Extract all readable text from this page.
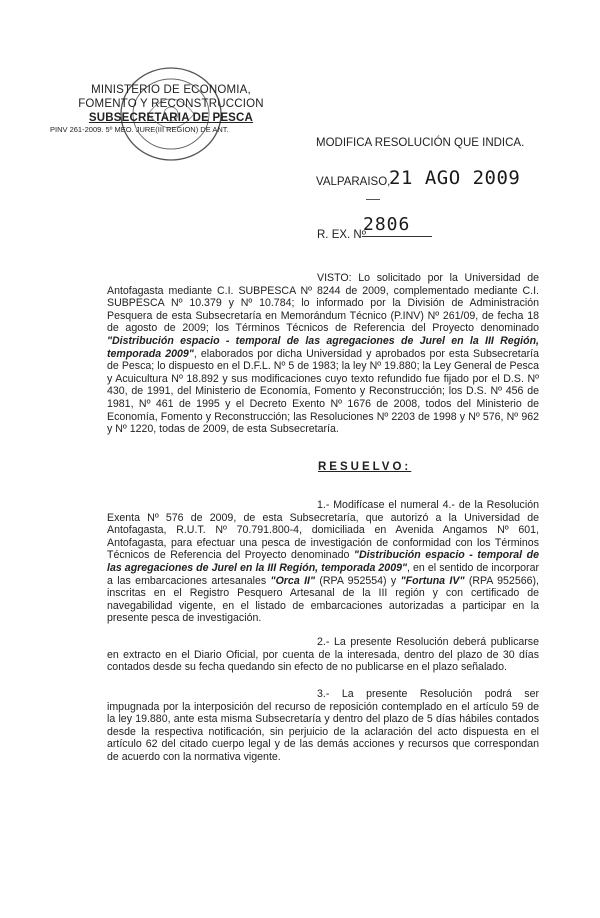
MINISTERIO DE ECONOMIA,
FOMENTO Y RECONSTRUCCION
SUBSECRETARIA DE PESCA
PINV 261-2009. 5º MEO. JURE(III REGION) DE ANT.
MODIFICA RESOLUCIÓN QUE INDICA.
VALPARAISO,
21 AGO 2009
R. EX. Nº
2806
VISTO: Lo solicitado por la Universidad de Antofagasta mediante C.I. SUBPESCA Nº 8244 de 2009, complementado mediante C.I. SUBPESCA Nº 10.379 y Nº 10.784; lo informado por la División de Administración Pesquera de esta Subsecretaría en Memorándum Técnico (P.INV) Nº 261/09, de fecha 18 de agosto de 2009; los Términos Técnicos de Referencia del Proyecto denominado "Distribución espacio - temporal de las agregaciones de Jurel en la III Región, temporada 2009", elaborados por dicha Universidad y aprobados por esta Subsecretaría de Pesca; lo dispuesto en el D.F.L. Nº 5 de 1983; la ley Nº 19.880; la Ley General de Pesca y Acuicultura Nº 18.892 y sus modificaciones cuyo texto refundido fue fijado por el D.S. Nº 430, de 1991, del Ministerio de Economía, Fomento y Reconstrucción; los D.S. Nº 456 de 1981, Nº 461 de 1995 y el Decreto Exento Nº 1676 de 2008, todos del Ministerio de Economía, Fomento y Reconstrucción; las Resoluciones Nº 2203 de 1998 y Nº 576, Nº 962 y Nº 1220, todas de 2009, de esta Subsecretaría.
RESUELVO:
1.- Modifícase el numeral 4.- de la Resolución Exenta Nº 576 de 2009, de esta Subsecretaría, que autorizó a la Universidad de Antofagasta, R.U.T. Nº 70.791.800-4, domiciliada en Avenida Angamos Nº 601, Antofagasta, para efectuar una pesca de investigación de conformidad con los Términos Técnicos de Referencia del Proyecto denominado "Distribución espacio - temporal de las agregaciones de Jurel en la III Región, temporada 2009", en el sentido de incorporar a las embarcaciones artesanales "Orca II" (RPA 952554) y "Fortuna IV" (RPA 952566), inscritas en el Registro Pesquero Artesanal de la III región y con certificado de navegabilidad vigente, en el listado de embarcaciones autorizadas a participar en la presente pesca de investigación.
2.- La presente Resolución deberá publicarse en extracto en el Diario Oficial, por cuenta de la interesada, dentro del plazo de 30 días contados desde su fecha quedando sin efecto de no publicarse en el plazo señalado.
3.- La presente Resolución podrá ser impugnada por la interposición del recurso de reposición contemplado en el artículo 59 de la ley 19.880, ante esta misma Subsecretaría y dentro del plazo de 5 días hábiles contados desde la respectiva notificación, sin perjuicio de la aclaración del acto dispuesta en el artículo 62 del citado cuerpo legal y de las demás acciones y recursos que correspondan de acuerdo con la normativa vigente.
